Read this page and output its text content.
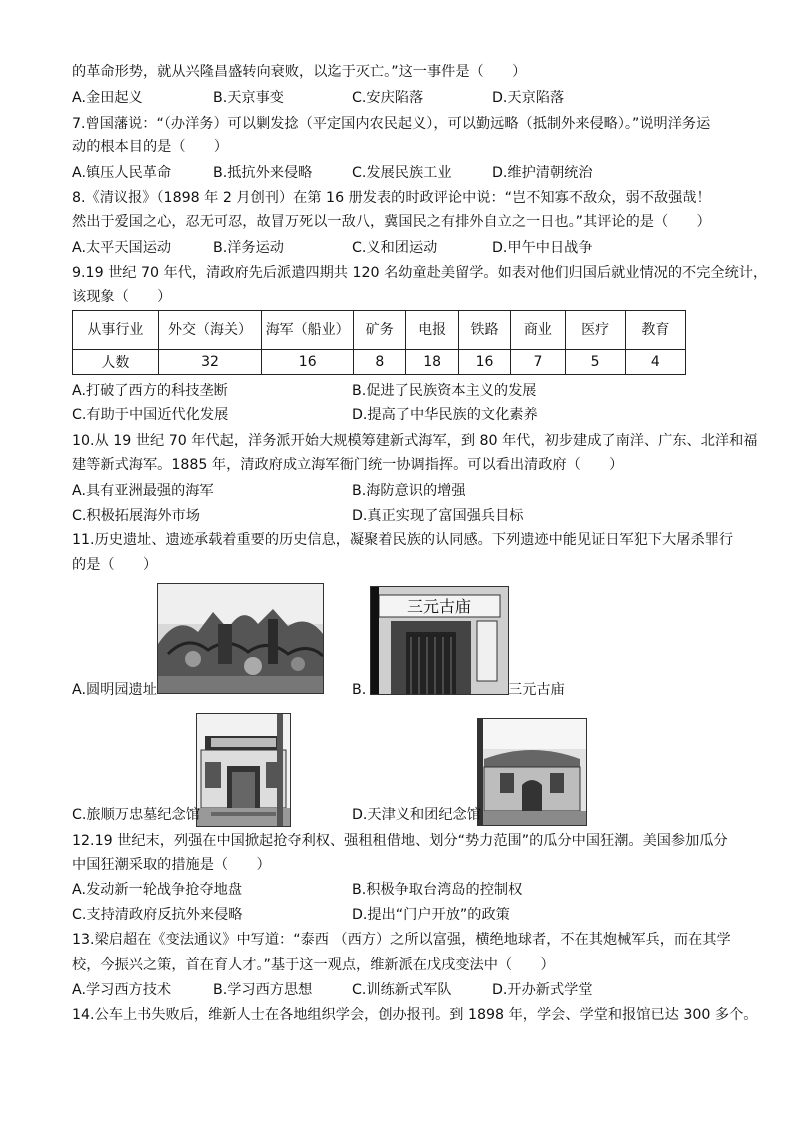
的革命形势，就从兴隆昌盛转向衰败，以迄于灭亡。”这一事件是（　　）
A.金田起义	B.天京事变	C.安庆陷落	D.天京陷落
7.曾国藩说：“（办洋务）可以剿发捻（平定国内农民起义），可以勤远略（抵制外来侵略）。”说明洋务运
动的根本目的是（　　）
A.镇压人民革命	B.抵抗外来侵略	C.发展民族工业	D.维护清朝统治
8.《清议报》（1898 年 2 月创刊）在第 16 册发表的时政评论中说：“岂不知寡不敌众，弱不敌强哉！
然出于爱国之心，忍无可忍，故冒万死以一敌八，冀国民之有排外自立之一日也。”其评论的是（　　）
A.太平天国运动	B.洋务运动	C.义和团运动	D.甲午中日战争
9.19 世纪 70 年代，清政府先后派遣四期共 120 名幼童赴美留学。如表对他们归国后就业情况的不完全统计，
该现象（　　）
从事行业	外交（海关）	海军（船业）	矿务	电报	铁路	商业	医疗	教育
人数	32	16	8	18	16	7	5	4
A.打破了西方的科技垄断	B.促进了民族资本主义的发展
C.有助于中国近代化发展	D.提高了中华民族的文化素养
10.从 19 世纪 70 年代起，洋务派开始大规模筹建新式海军，到 80 年代，初步建成了南洋、广东、北洋和福
建等新式海军。1885 年，清政府成立海军衙门统一协调指挥。可以看出清政府（　　）
A.具有亚洲最强的海军	B.海防意识的增强
C.积极拓展海外市场	D.真正实现了富国强兵目标
11.历史遗址、遗迹承载着重要的历史信息，凝聚着民族的认同感。下列遗迹中能见证日军犯下大屠杀罪行
的是（　　）
A.圆明园遗址	B.
三元古庙
三元古庙
C.旅顺万忠墓纪念馆	D.天津义和团纪念馆
12.19 世纪末，列强在中国掀起抢夺利权、强租租借地、划分“势力范围”的瓜分中国狂潮。美国参加瓜分
中国狂潮采取的措施是（　　）
A.发动新一轮战争抢夺地盘	B.积极争取台湾岛的控制权
C.支持清政府反抗外来侵略	D.提出“门户开放”的政策
13.梁启超在《变法通议》中写道：“泰西 （西方）之所以富强，横绝地球者，不在其炮械军兵，而在其学
校，今振兴之策，首在育人才。”基于这一观点，维新派在戊戌变法中（　　）
A.学习西方技术	B.学习西方思想	C.训练新式军队	D.开办新式学堂
14.公车上书失败后，维新人士在各地组织学会，创办报刊。到 1898 年，学会、学堂和报馆已达 300 多个。
